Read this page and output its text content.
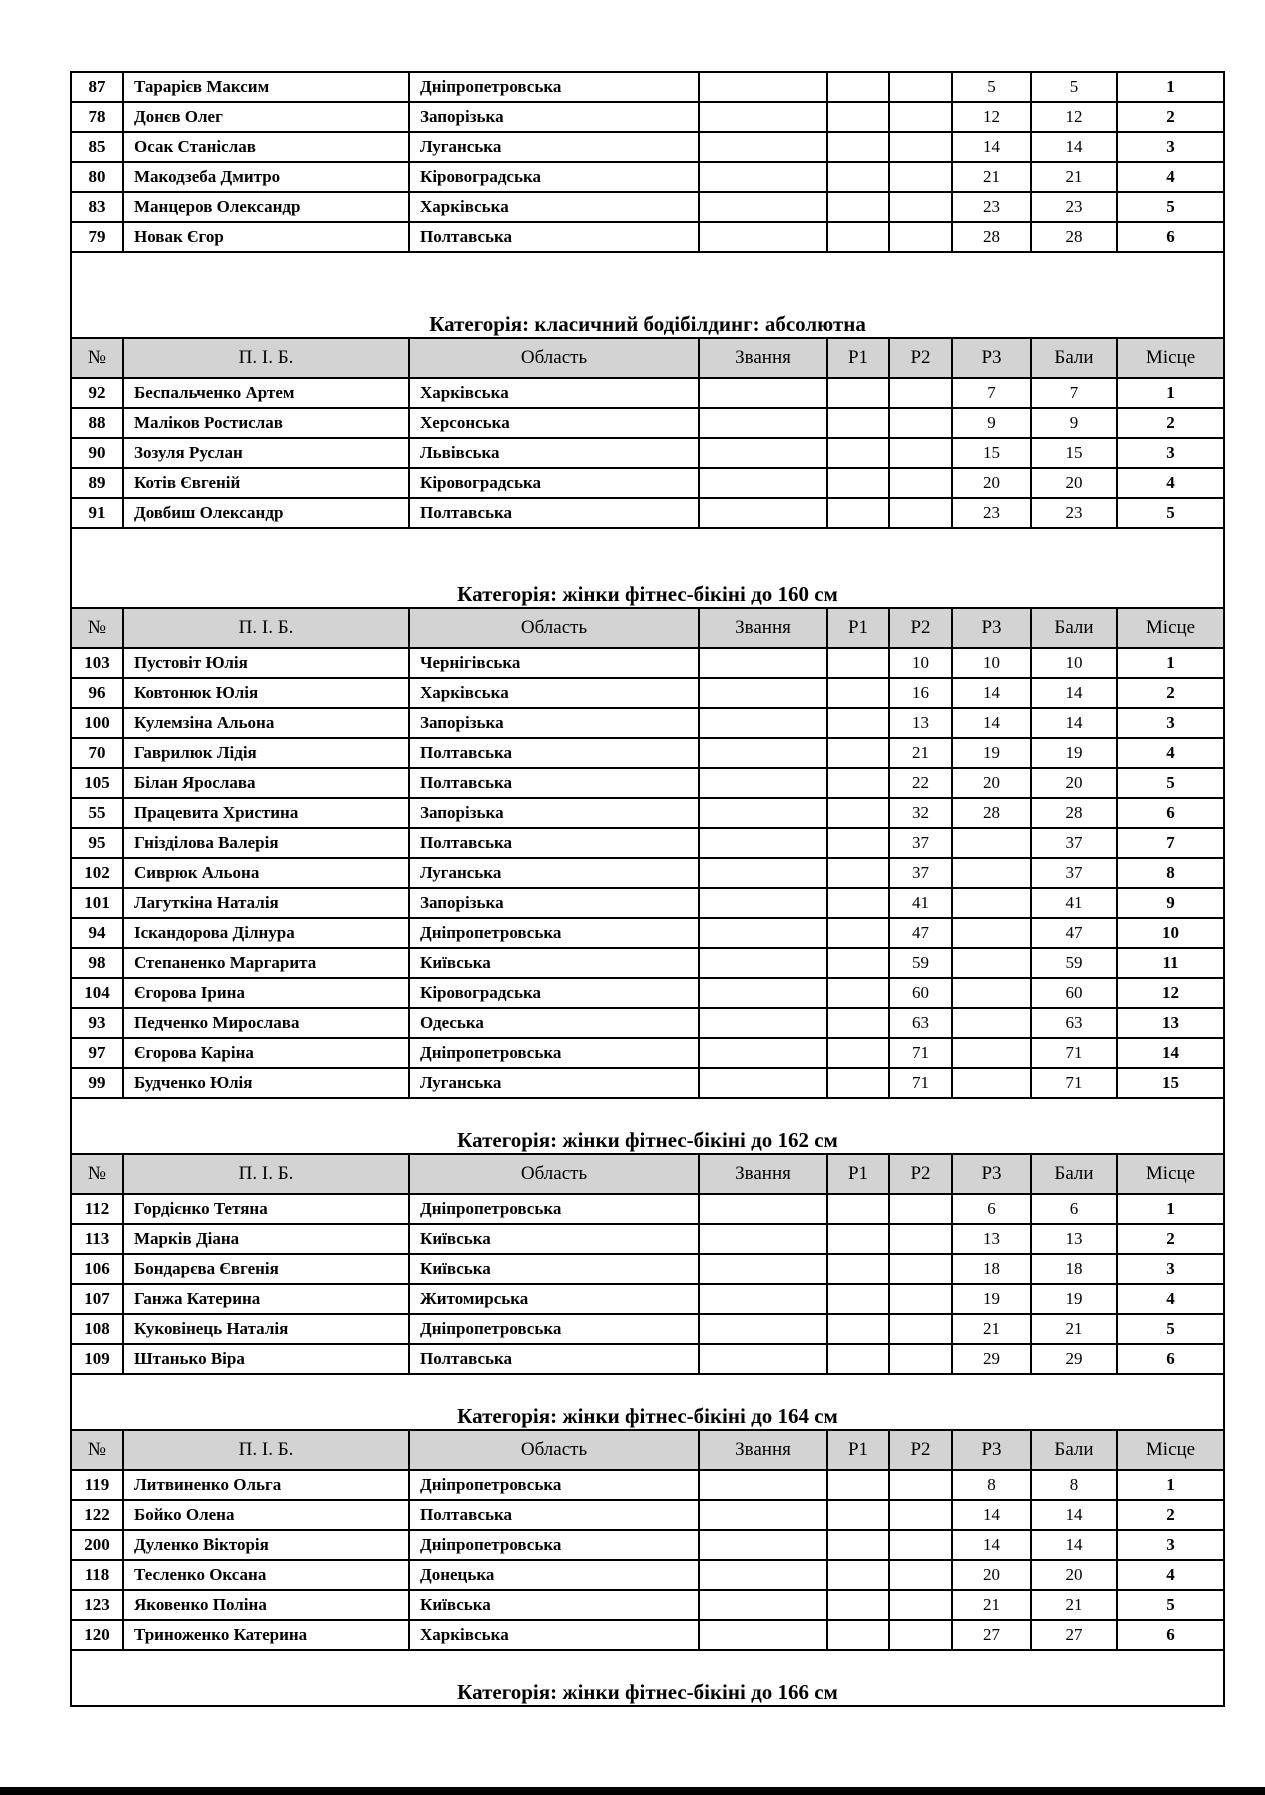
87	Тарарієв Максим	Дніпропетровська				5	5	1
78	Донєв Олег	Запорізька				12	12	2
85	Осак Станіслав	Луганська				14	14	3
80	Макодзеба Дмитро	Кіровоградська				21	21	4
83	Манцеров Олександр	Харківська				23	23	5
79	Новак Єгор	Полтавська				28	28	6
Категорія: класичний бодібілдинг: абсолютна								
№	П. І. Б.	Область	Звання	Р1	Р2	Р3	Бали	Місце
92	Беспальченко Артем	Харківська				7	7	1
88	Маліков Ростислав	Херсонська				9	9	2
90	Зозуля Руслан	Львівська				15	15	3
89	Котів Євгеній	Кіровоградська				20	20	4
91	Довбиш Олександр	Полтавська				23	23	5
Категорія: жінки фітнес-бікіні до 160 см								
№	П. І. Б.	Область	Звання	Р1	Р2	Р3	Бали	Місце
103	Пустовіт Юлія	Чернігівська			10	10	10	1
96	Ковтонюк Юлія	Харківська			16	14	14	2
100	Кулемзіна Альона	Запорізька			13	14	14	3
70	Гаврилюк Лідія	Полтавська			21	19	19	4
105	Білан Ярослава	Полтавська			22	20	20	5
55	Працевита Христина	Запорізька			32	28	28	6
95	Гнізділова Валерія	Полтавська			37		37	7
102	Сиврюк Альона	Луганська			37		37	8
101	Лагуткіна Наталія	Запорізька			41		41	9
94	Іскандорова Ділнура	Дніпропетровська			47		47	10
98	Степаненко Маргарита	Київська			59		59	11
104	Єгорова Ірина	Кіровоградська			60		60	12
93	Педченко Мирослава	Одеська			63		63	13
97	Єгорова Каріна	Дніпропетровська			71		71	14
99	Будченко Юлія	Луганська			71		71	15
Категорія: жінки фітнес-бікіні до 162 см								
№	П. І. Б.	Область	Звання	Р1	Р2	Р3	Бали	Місце
112	Гордієнко Тетяна	Дніпропетровська				6	6	1
113	Марків Діана	Київська				13	13	2
106	Бондарєва Євгенія	Київська				18	18	3
107	Ганжа Катерина	Житомирська				19	19	4
108	Куковінець Наталія	Дніпропетровська				21	21	5
109	Штанько Віра	Полтавська				29	29	6
Категорія: жінки фітнес-бікіні до 164 см								
№	П. І. Б.	Область	Звання	Р1	Р2	Р3	Бали	Місце
119	Литвиненко Ольга	Дніпропетровська				8	8	1
122	Бойко Олена	Полтавська				14	14	2
200	Дуленко Вікторія	Дніпропетровська				14	14	3
118	Тесленко Оксана	Донецька				20	20	4
123	Яковенко Поліна	Київська				21	21	5
120	Триноженко Катерина	Харківська				27	27	6
Категорія: жінки фітнес-бікіні до 166 см
